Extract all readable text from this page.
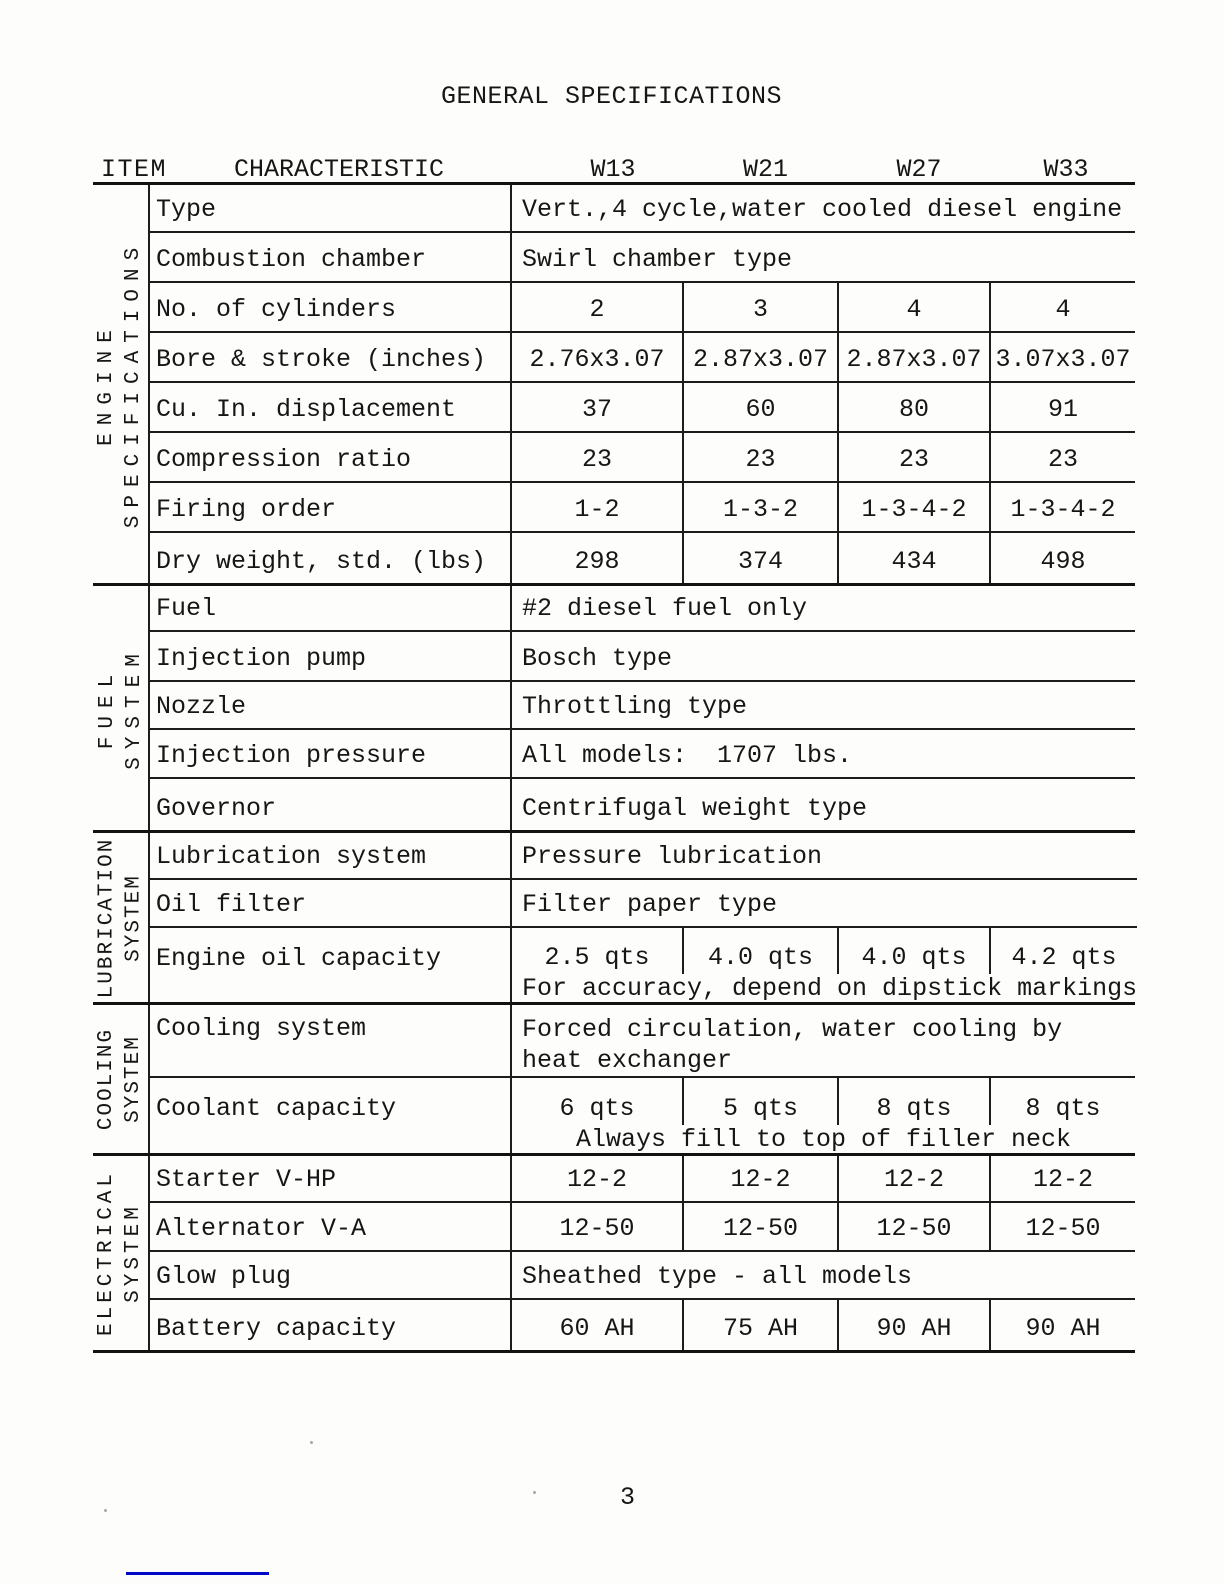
GENERAL SPECIFICATIONS
ITEM	CHARACTERISTIC	W13	W21	W27	W33
ENGINE SPECIFICATIONS
Type	Vert.,4 cycle,water cooled diesel engine
Combustion chamber	Swirl chamber type
No. of cylinders	2	3	4	4
Bore & stroke (inches)	2.76x3.07	2.87x3.07 2.87x3.07 3.07x3.07
Cu. In. displacement	37	60	80	91
Compression ratio	23	23	23	23
Firing order	1-2	1-3-2	1-3-4-2	1-3-4-2
Dry weight, std. (lbs)	298	374	434	498
FUEL SYSTEM
Fuel	#2 diesel fuel only
Injection pump	Bosch type
Nozzle	Throttling type
Injection pressure	All models:  1707 lbs.
Governor	Centrifugal weight type
LUBRICATION SYSTEM
Lubrication system	Pressure lubrication
Oil filter	Filter paper type
Engine oil capacity	2.5 qts	4.0 qts	4.0 qts	4.2 qts
For accuracy, depend on dipstick markings
COOLING SYSTEM
Cooling system	Forced circulation, water cooling by
heat exchanger
Coolant capacity	6 qts	5 qts	8 qts	8 qts
Always fill to top of filler neck
ELECTRICAL SYSTEM
Starter V-HP	12-2	12-2	12-2	12-2
Alternator V-A	12-50	12-50	12-50	12-50
Glow plug	Sheathed type - all models
Battery capacity	60 AH	75 AH	90 AH	90 AH
3
